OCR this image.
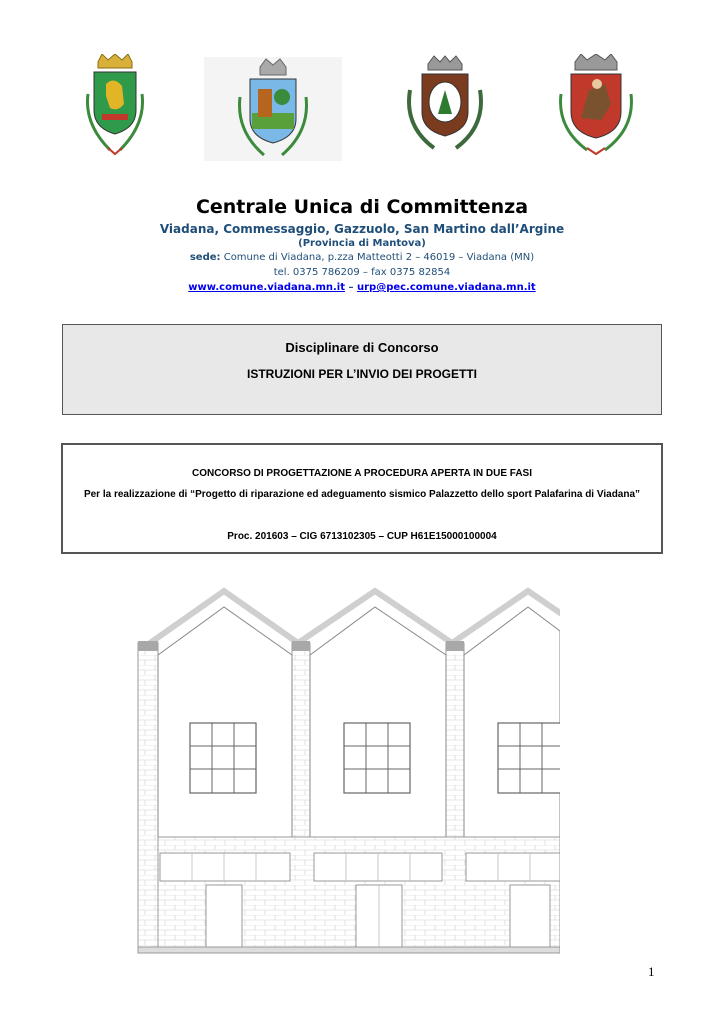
Centrale Unica di Committenza
Viadana, Commessaggio, Gazzuolo, San Martino dall’Argine
(Provincia di Mantova)
sede: Comune di Viadana, p.zza Matteotti 2 – 46019 – Viadana (MN)
tel. 0375 786209 – fax 0375 82854
www.comune.viadana.mn.it – urp@pec.comune.viadana.mn.it
Disciplinare di Concorso
ISTRUZIONI PER L’INVIO DEI PROGETTI
CONCORSO DI PROGETTAZIONE A PROCEDURA APERTA IN DUE FASI
Per la realizzazione di “Progetto di riparazione ed adeguamento sismico Palazzetto dello sport Palafarina di Viadana”
Proc. 201603 – CIG 6713102305 – CUP H61E15000100004
1
